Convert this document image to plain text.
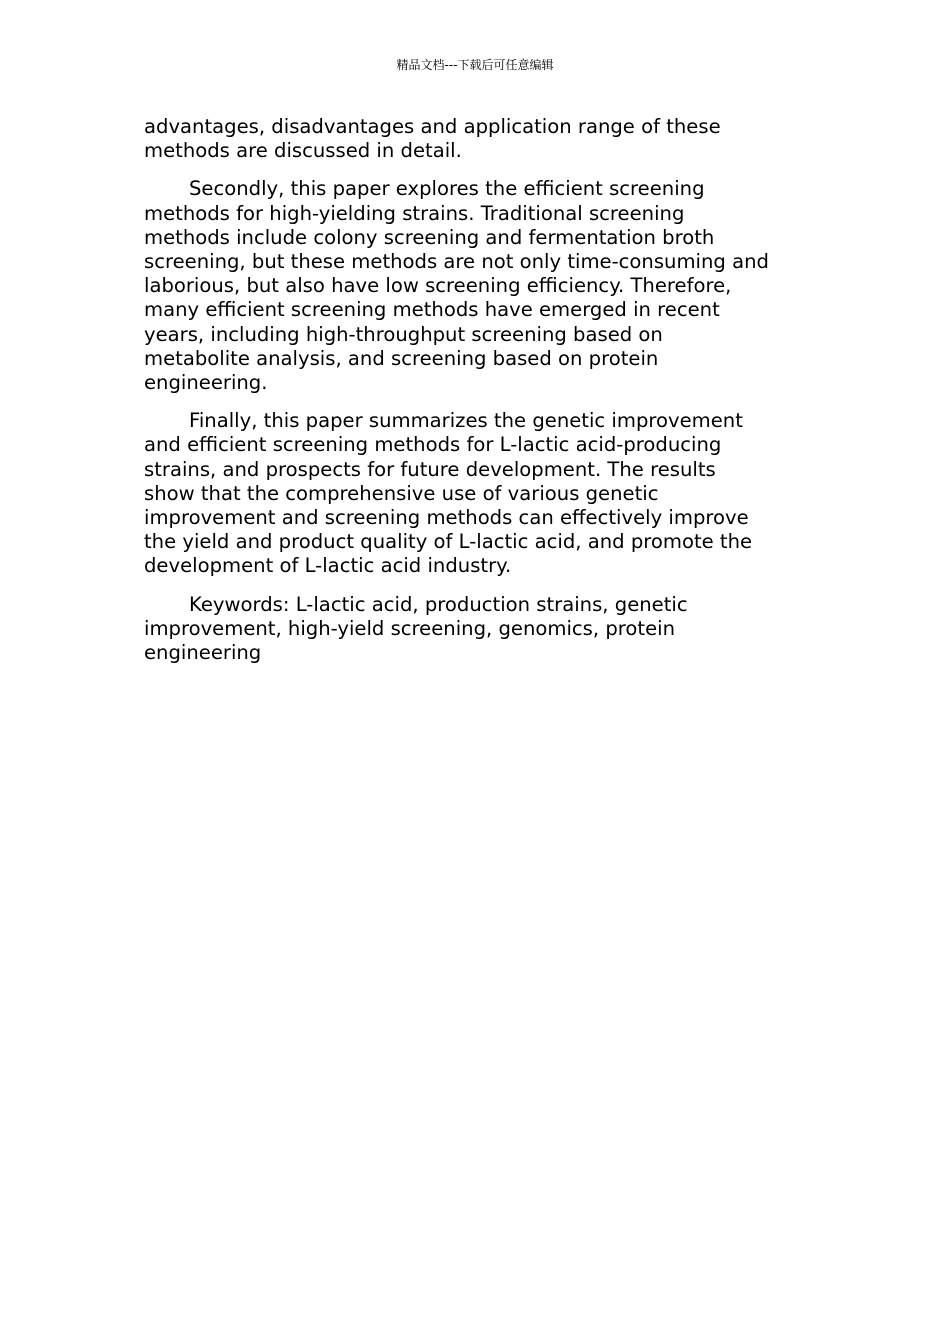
精品文档---下载后可任意编辑

advantages, disadvantages and application range of these
methods are discussed in detail.

Secondly, this paper explores the efficient screening
methods for high-yielding strains. Traditional screening
methods include colony screening and fermentation broth
screening, but these methods are not only time-consuming and
laborious, but also have low screening efficiency. Therefore,
many efficient screening methods have emerged in recent
years, including high-throughput screening based on
metabolite analysis, and screening based on protein
engineering.

Finally, this paper summarizes the genetic improvement
and efficient screening methods for L-lactic acid-producing
strains, and prospects for future development. The results
show that the comprehensive use of various genetic
improvement and screening methods can effectively improve
the yield and product quality of L-lactic acid, and promote the
development of L-lactic acid industry.

Keywords: L-lactic acid, production strains, genetic
improvement, high-yield screening, genomics, protein
engineering
